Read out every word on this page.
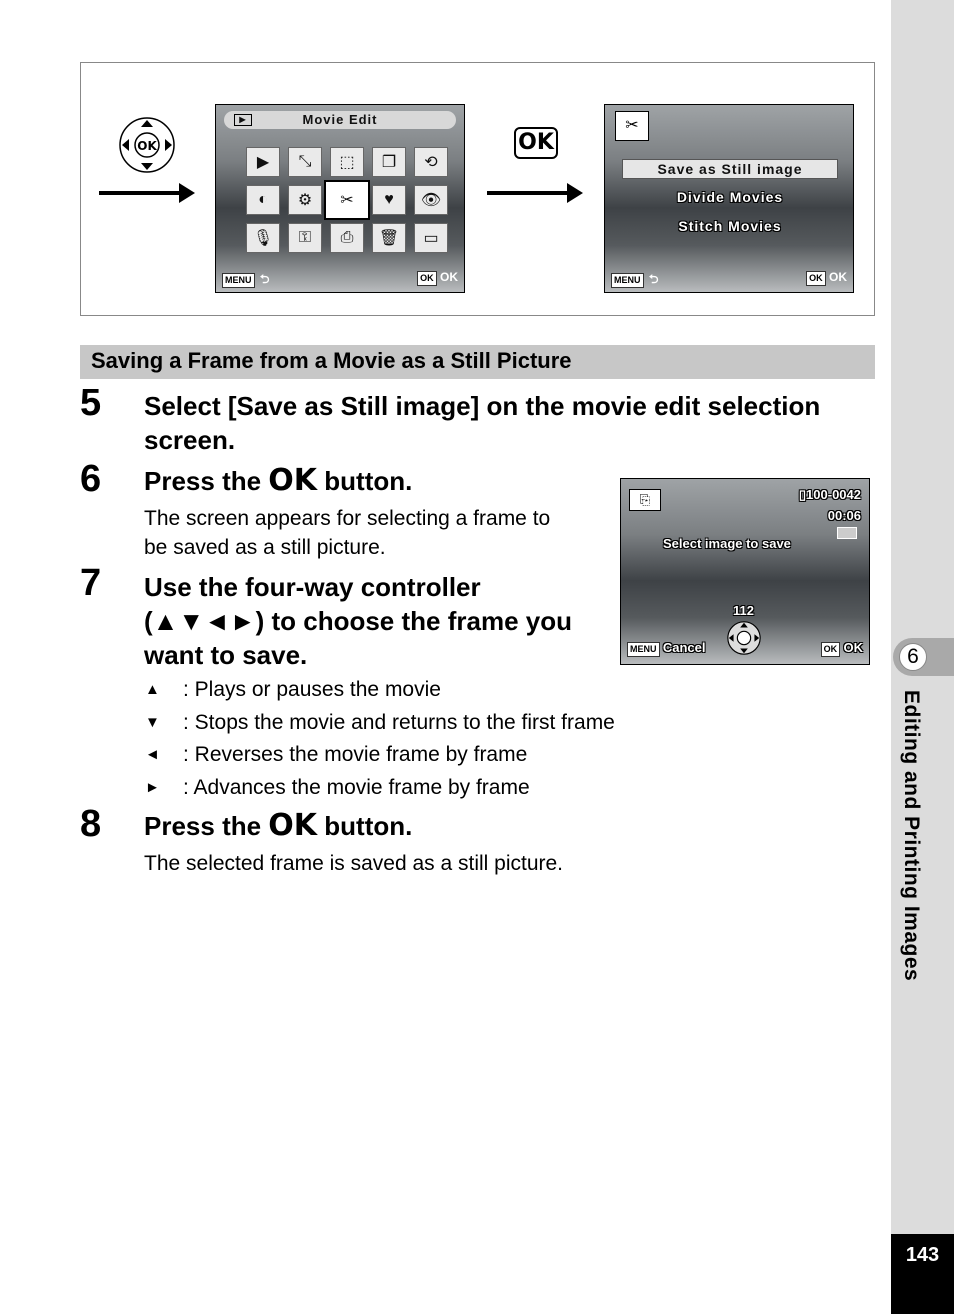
6
Editing and Printing Images
143
OK
▶	Movie Edit
▶	⤡	⬚	❐	⟲
◐	⚙	✂	♥	👁
🎙	⚿	⎙	🗑	▭
MENU ⮌	OK OK
OK
✂
Save as Still image
Divide Movies
Stitch Movies
MENU ⮌	OK OK
Saving a Frame from a Movie as a Still Picture
5 Select [Save as Still image] on the movie edit selection
screen.
6 Press the OK button.
The screen appears for selecting a frame to
be saved as a still picture.
⎘	▯100-0042
00:06
Select image to save
112
MENU Cancel	OK OK
7 Use the four-way controller
(▲▼◄►) to choose the frame you
want to save.
▲ : Plays or pauses the movie
▼ : Stops the movie and returns to the first frame
◄ : Reverses the movie frame by frame
► : Advances the movie frame by frame
8 Press the OK button.
The selected frame is saved as a still picture.
